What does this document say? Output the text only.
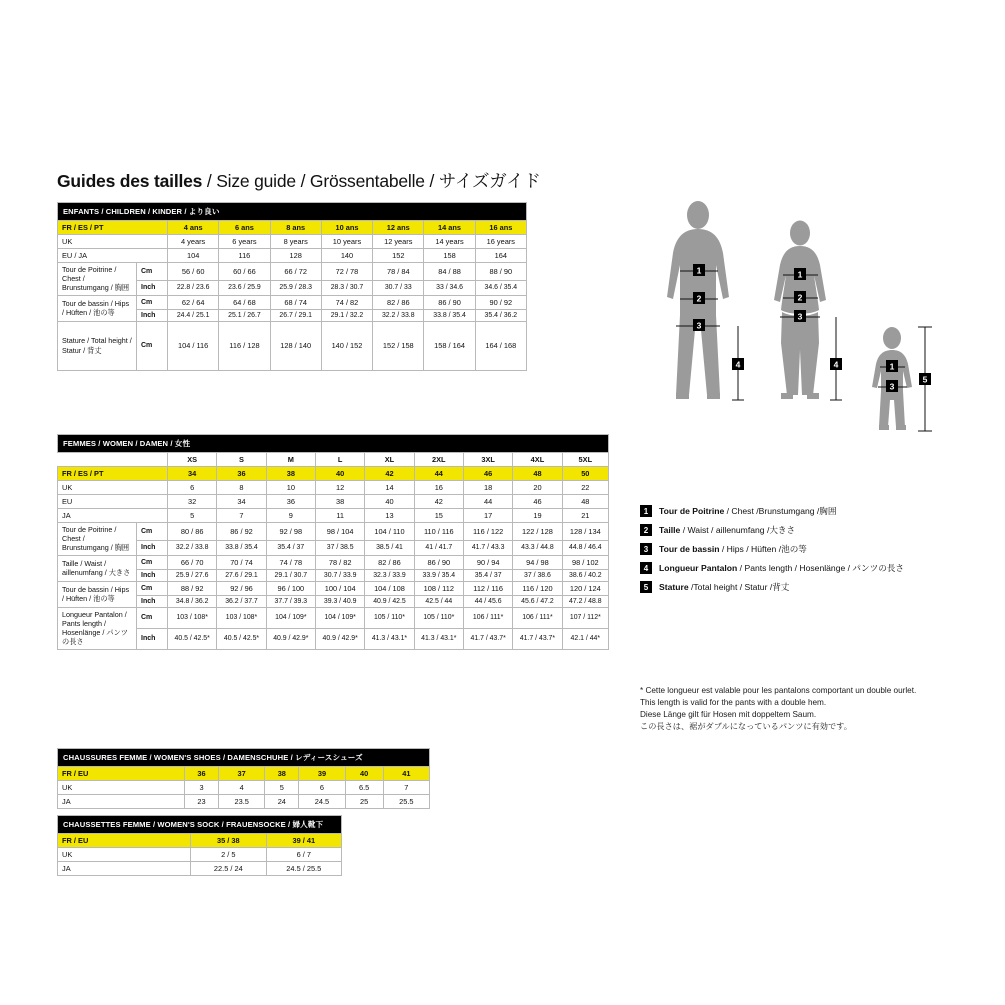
Guides des tailles / Size guide / Grössentabelle / サイズガイド
ENFANTS / CHILDREN / KINDER / より良い								
FR / ES / PT		4 ans	6 ans	8 ans	10 ans	12 ans	14 ans	16 ans
UK		4 years	6 years	8 years	10 years	12 years	14 years	16 years
EU / JA		104	116	128	140	152	158	164
Tour de Poitrine / Chest / Brunstumgang / 胸囲	Cm	56 / 60	60 / 66	66 / 72	72 / 78	78 / 84	84 / 88	88 / 90
	Inch	22.8 / 23.6	23.6 / 25.9	25.9 / 28.3	28.3 / 30.7	30.7 / 33	33 / 34.6	34.6 / 35.4
Tour de bassin / Hips / Hüften / 池の等	Cm	62 / 64	64 / 68	68 / 74	74 / 82	82 / 86	86 / 90	90 / 92
	Inch	24.4 / 25.1	25.1 / 26.7	26.7 / 29.1	29.1 / 32.2	32.2 / 33.8	33.8 / 35.4	35.4 / 36.2
Stature / Total height / Statur / 背丈	Cm	104 / 116	116 / 128	128 / 140	140 / 152	152 / 158	158 / 164	164 / 168
FEMMES / WOMEN / DAMEN / 女性										
		XS	S	M	L	XL	2XL	3XL	4XL	5XL
FR / ES / PT		34	36	38	40	42	44	46	48	50
UK		6	8	10	12	14	16	18	20	22
EU		32	34	36	38	40	42	44	46	48
JA		5	7	9	11	13	15	17	19	21
Tour de Poitrine / Chest / Brunstumgang / 胸囲	Cm	80 / 86	86 / 92	92 / 98	98 / 104	104 / 110	110 / 116	116 / 122	122 / 128	128 / 134
	Inch	32.2 / 33.8	33.8 / 35.4	35.4 / 37	37 / 38.5	38.5 / 41	41 / 41.7	41.7 / 43.3	43.3 / 44.8	44.8 / 46.4
Taille / Waist / aillenumfang / 大きさ	Cm	66 / 70	70 / 74	74 / 78	78 / 82	82 / 86	86 / 90	90 / 94	94 / 98	98 / 102
	Inch	25.9 / 27.6	27.6 / 29.1	29.1 / 30.7	30.7 / 33.9	32.3 / 33.9	33.9 / 35.4	35.4 / 37	37 / 38.6	38.6 / 40.2
Tour de bassin / Hips / Hüften / 池の等	Cm	88 / 92	92 / 96	96 / 100	100 / 104	104 / 108	108 / 112	112 / 116	116 / 120	120 / 124
	Inch	34.8 / 36.2	36.2 / 37.7	37.7 / 39.3	39.3 / 40.9	40.9 / 42.5	42.5 / 44	44 / 45.6	45.6 / 47.2	47.2 / 48.8
Longueur Pantalon / Pants length / Hosenlänge / パンツの長さ	Cm	103 / 108*	103 / 108*	104 / 109*	104 / 109*	105 / 110*	105 / 110*	106 / 111*	106 / 111*	107 / 112*
	Inch	40.5 / 42.5*	40.5 / 42.5*	40.9 / 42.9*	40.9 / 42.9*	41.3 / 43.1*	41.3 / 43.1*	41.7 / 43.7*	41.7 / 43.7*	42.1 / 44*
CHAUSSURES FEMME / WOMEN'S SHOES / DAMENSCHUHE / レディースシューズ						
FR / EU	36	37	38	39	40	41
UK	3	4	5	6	6.5	7
JA	23	23.5	24	24.5	25	25.5
CHAUSSETTES FEMME / WOMEN'S SOCK / FRAUENSOCKE / 婦人靴下		
FR / EU	35 / 38	39 / 41
UK	2 / 5	6 / 7
JA	22.5 / 24	24.5 / 25.5
1
2
3
4
1
2
3
4	1
3
5
1	Tour de Poitrine / Chest /Brunstumgang /胸囲
2	Taille / Waist / aillenumfang /大きさ
3	Tour de bassin / Hips / Hüften /池の等
4	Longueur Pantalon / Pants length / Hosenlänge / パンツの長さ
5	Stature /Total height / Statur /背丈
* Cette longueur est valable pour les pantalons comportant un double ourlet.
This length is valid for the pants with a double hem.
Diese Länge gilt für Hosen mit doppeltem Saum.
この長さは、裾がダブルになっているパンツに有効です。
